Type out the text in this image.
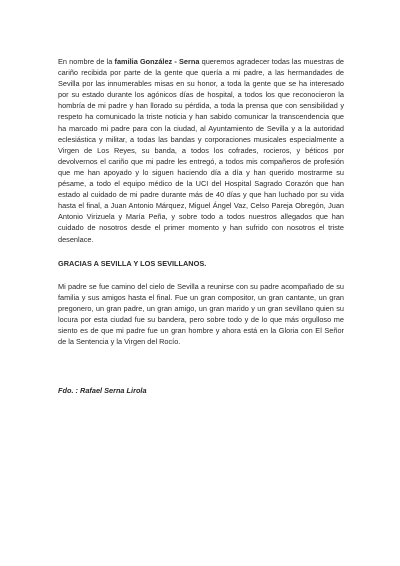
En nombre de la familia González - Serna queremos agradecer todas las muestras de cariño recibida por parte de la gente que quería a mi padre, a las hermandades de Sevilla por las innumerables misas en su honor, a toda la gente que se ha interesado por su estado durante los agónicos días de hospital, a todos los que reconocieron la hombría de mi padre y han llorado su pérdida, a toda la prensa que con sensibilidad y respeto ha comunicado la triste noticia y han sabido comunicar la transcendencia que ha marcado mi padre para con la ciudad, al Ayuntamiento de Sevilla y a la autoridad eclesiástica y militar, a todas las bandas y corporaciones musicales especialmente a Virgen de Los Reyes, su banda, a todos los cofrades, rocieros, y béticos por devolvernos el cariño que mi padre les entregó, a todos mis compañeros de profesión que me han apoyado y lo siguen haciendo día a día y han querido mostrarme su pésame, a todo el equipo médico de la UCI del Hospital Sagrado Corazón que han estado al cuidado de mi padre durante más de 40 días y que han luchado por su vida hasta el final, a Juan Antonio Márquez, Miguel Ángel Vaz, Celso Pareja Obregón, Juan Antonio Virizuela y María Peña, y sobre todo a todos nuestros allegados que han cuidado de nosotros desde el primer momento y han sufrido con nosotros el triste desenlace.

GRACIAS A SEVILLA Y LOS SEVILLANOS.

Mi padre se fue camino del cielo de Sevilla a reunirse con su padre acompañado de su familia y sus amigos hasta el final. Fue un gran compositor, un gran cantante, un gran pregonero, un gran padre, un gran amigo, un gran marido y un gran sevillano quien su locura por esta ciudad fue su bandera, pero sobre todo y de lo que más orgulloso me siento es de que mi padre fue un gran hombre y ahora está en la Gloria con El Señor de la Sentencia y la Virgen del Rocío.

Fdo. : Rafael Serna Lirola
